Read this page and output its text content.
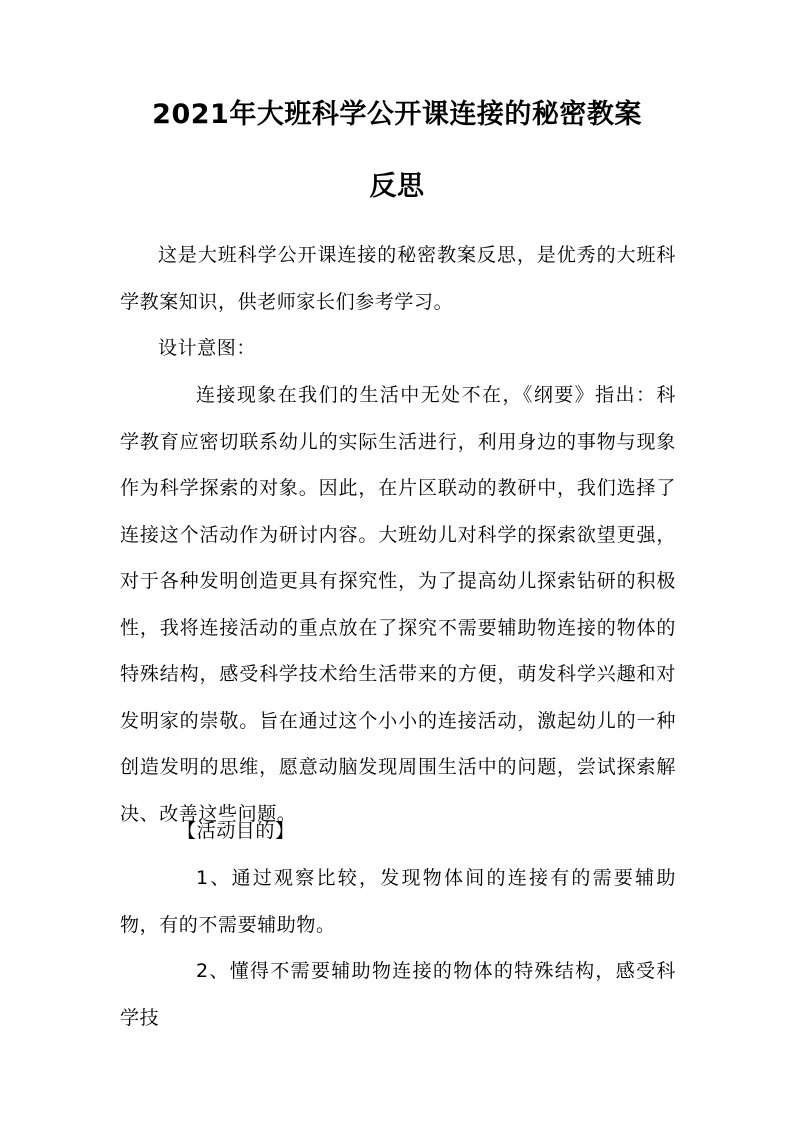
2021年大班科学公开课连接的秘密教案
反思

这是大班科学公开课连接的秘密教案反思，是优秀的大班科学教案知识，供老师家长们参考学习。

设计意图：

连接现象在我们的生活中无处不在，《纲要》指出：科学教育应密切联系幼儿的实际生活进行，利用身边的事物与现象作为科学探索的对象。因此，在片区联动的教研中，我们选择了连接这个活动作为研讨内容。大班幼儿对科学的探索欲望更强，对于各种发明创造更具有探究性，为了提高幼儿探索钻研的积极性，我将连接活动的重点放在了探究不需要辅助物连接的物体的特殊结构，感受科学技术给生活带来的方便，萌发科学兴趣和对发明家的崇敬。旨在通过这个小小的连接活动，激起幼儿的一种创造发明的思维，愿意动脑发现周围生活中的问题，尝试探索解决、改善这些问题。

【活动目的】

1、通过观察比较，发现物体间的连接有的需要辅助物，有的不需要辅助物。

2、懂得不需要辅助物连接的物体的特殊结构，感受科学技
